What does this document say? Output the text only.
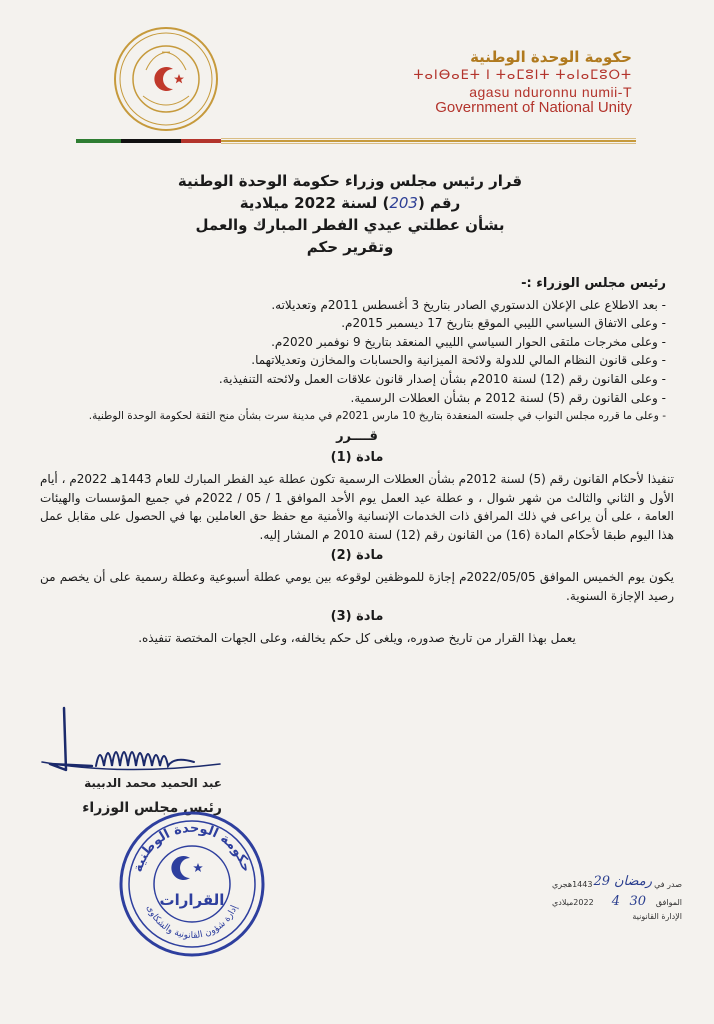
حكومة الوحدة الوطنية
ⵜⴰⵏⴱⴰⴹⵜ ⵏ ⵜⴰⵎⵓⵏⵜ ⵜⴰⵏⴰⵎⵓⵔⵜ
agasu nduronnu numii-T
Government of National Unity
قرار رئيس مجلس وزراء حكومة الوحدة الوطنية
رقم (203) لسنة 2022 ميلادية
بشأن عطلتي عيدي الفطر المبارك والعمل
وتقرير حكم
رئيس مجلس الوزراء :-
- بعد الاطلاع على الإعلان الدستوري الصادر بتاريخ 3 أغسطس 2011م وتعديلاته.
- وعلى الاتفاق السياسي الليبي الموقع بتاريخ 17 ديسمبر 2015م.
- وعلى مخرجات ملتقى الحوار السياسي الليبي المنعقد بتاريخ 9 نوفمبر 2020م.
- وعلى قانون النظام المالي للدولة ولائحة الميزانية والحسابات والمخازن وتعديلاتهما.
- وعلى القانون رقم (12) لسنة 2010م بشأن إصدار قانون علاقات العمل ولائحته التنفيذية.
- وعلى القانون رقم (5) لسنة 2012 م بشأن العطلات الرسمية.
- وعلى ما قرره مجلس النواب في جلسته المنعقدة بتاريخ 10 مارس 2021م في مدينة سرت بشأن منح الثقة لحكومة الوحدة الوطنية.
قــــرر
مادة (1)
تنفيذا لأحكام القانون رقم (5) لسنة 2012م بشأن العطلات الرسمية تكون عطلة عيد الفطر المبارك للعام 1443هـ 2022م ، أيام الأول و الثاني والثالث من شهر شوال ، و عطلة عيد العمل يوم الأحد الموافق 1 / 05 / 2022م في جميع المؤسسات والهيئات العامة ، على أن يراعى في ذلك المرافق ذات الخدمات الإنسانية والأمنية مع حفظ حق العاملين بها في الحصول على مقابل عمل هذا اليوم طبقا لأحكام المادة (16) من القانون رقم (12) لسنة 2010 م المشار إليه.
مادة (2)
يكون يوم الخميس الموافق 2022/05/05م إجازة للموظفين لوقوعه بين يومي عطلة أسبوعية وعطلة رسمية على أن يخصم من رصيد الإجازة السنوية.
مادة (3)
يعمل بهذا القرار من تاريخ صدوره، ويلغى كل حكم يخالفه، وعلى الجهات المختصة تنفيذه.
عبد الحميد محمد الدبيبة
رئيس مجلس الوزراء
حكومة الوحدة الوطنية
القرارات
إدارة شؤون القانونية والشكاوى
صدر في
رمضان
29
1443هجري
الموافق
30
4
2022ميلادي
الإدارة القانونية
